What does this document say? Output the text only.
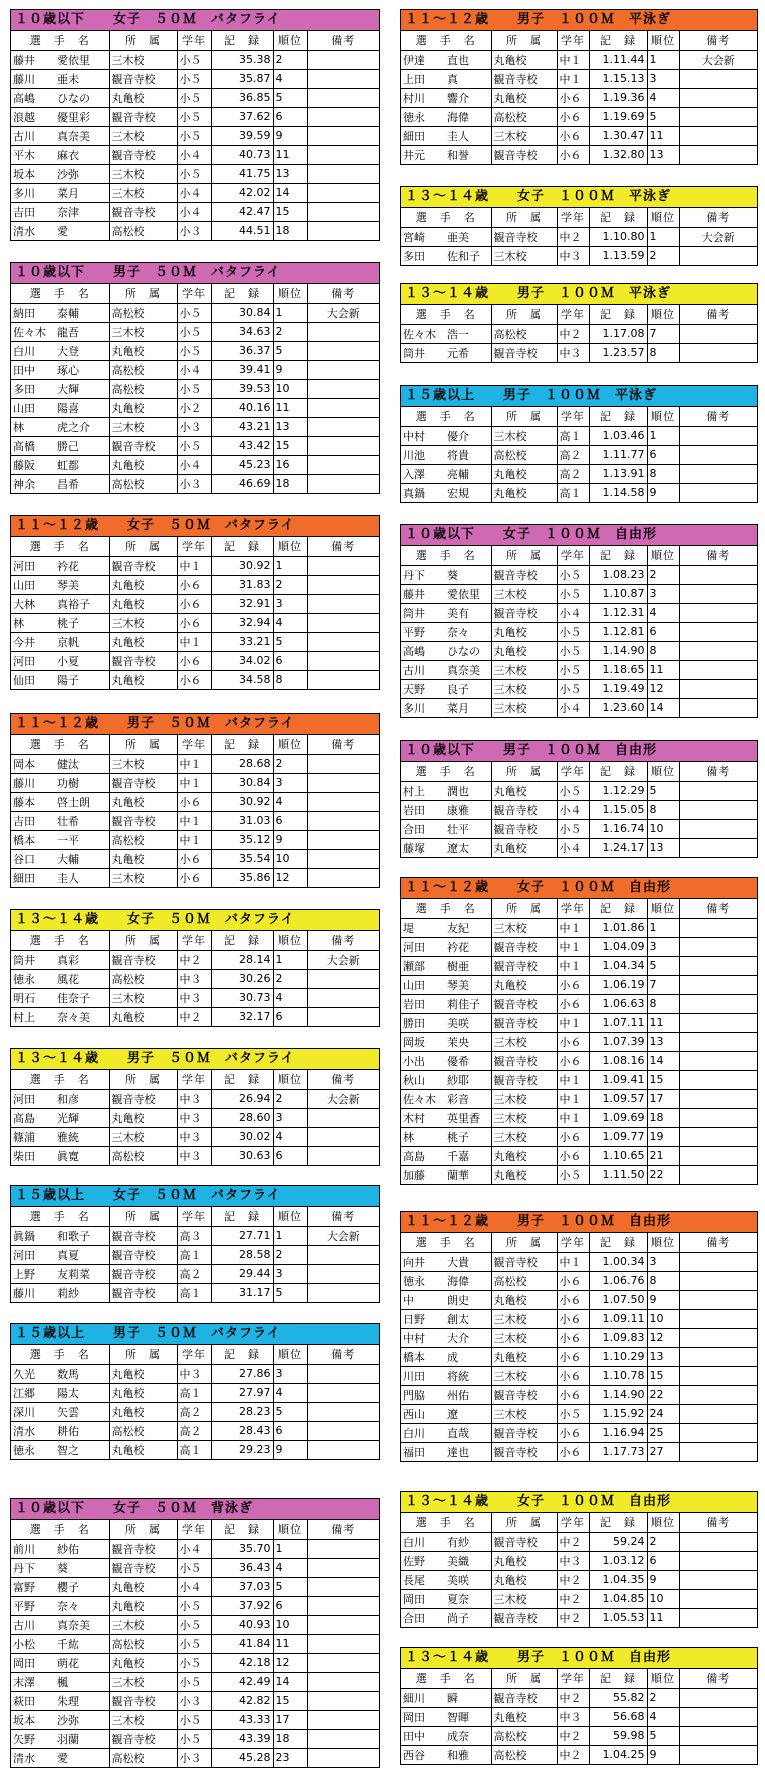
１０歳以下　　女子　５０Ｍ　バタフライ
選　手　名	所　属	学年	記　録	順位	備考
藤井　　愛依里	三木校	小５	35.38	2	
藤川　　亜未	観音寺校	小５	35.87	4	
高嶋　　ひなの	丸亀校	小５	36.85	5	
浪越　　優里彩	観音寺校	小５	37.62	6	
古川　　真奈美	三木校	小５	39.59	9	
平木　　麻衣	観音寺校	小４	40.73	11	
坂本　　沙弥	三木校	小５	41.75	13	
多川　　菜月	三木校	小４	42.02	14	
吉田　　奈津	観音寺校	小４	42.47	15	
清水　　愛	高松校	小３	44.51	18	
１０歳以下　　男子　５０Ｍ　バタフライ
選　手　名	所　属	学年	記　録	順位	備考
納田　　泰輔	高松校	小５	30.84	1	大会新
佐々木　龍吾	三木校	小５	34.63	2	
白川　　大登	丸亀校	小５	36.37	5	
田中　　琢心	高松校	小４	39.41	9	
多田　　大輝	高松校	小５	39.53	10	
山田　　陽喜	丸亀校	小２	40.16	11	
林　　　虎之介	三木校	小３	43.21	13	
高橋　　勝己	観音寺校	小５	43.42	15	
藤阪　　虹都	丸亀校	小４	45.23	16	
神余　　昌希	高松校	小３	46.69	18	
１１～１２歳　　女子　５０Ｍ　バタフライ
選　手　名	所　属	学年	記　録	順位	備考
河田　　衿花	観音寺校	中１	30.92	1	
山田　　琴美	丸亀校	小６	31.83	2	
大林　　真裕子	丸亀校	小６	32.91	3	
林　　　桃子	三木校	小６	32.94	4	
今井　　京帆	丸亀校	中１	33.21	5	
河田　　小夏	観音寺校	小６	34.02	6	
仙田　　陽子	丸亀校	小６	34.58	8	
１１～１２歳　　男子　５０Ｍ　バタフライ
選　手　名	所　属	学年	記　録	順位	備考
岡本　　健汰	三木校	中１	28.68	2	
藤川　　功樹	観音寺校	中１	30.84	3	
藤本　　啓士朗	丸亀校	小６	30.92	4	
吉田　　壮希	観音寺校	中１	31.03	6	
橋本　　一平	高松校	中１	35.12	9	
谷口　　大輔	丸亀校	小６	35.54	10	
細田　　圭人	三木校	小６	35.86	12	
１３～１４歳　　女子　５０Ｍ　バタフライ
選　手　名	所　属	学年	記　録	順位	備考
筒井　　真彩	観音寺校	中２	28.14	1	大会新
徳永　　風花	高松校	中３	30.26	2	
明石　　佳奈子	三木校	中３	30.73	4	
村上　　奈々美	丸亀校	中２	32.17	6	
１３～１４歳　　男子　５０Ｍ　バタフライ
選　手　名	所　属	学年	記　録	順位	備考
河田　　和彦	観音寺校	中３	26.94	2	大会新
高島　　光輝	丸亀校	中３	28.60	3	
篠浦　　雅統	三木校	中３	30.02	4	
柴田　　眞寛	高松校	中３	30.63	6	
１５歳以上　　女子　５０Ｍ　バタフライ
選　手　名	所　属	学年	記　録	順位	備考
眞鍋　　和歌子	観音寺校	高３	27.71	1	大会新
河田　　真夏	観音寺校	高１	28.58	2	
上野　　友莉菜	観音寺校	高２	29.44	3	
藤川　　莉紗	観音寺校	高１	31.17	5	
１５歳以上　　男子　５０Ｍ　バタフライ
選　手　名	所　属	学年	記　録	順位	備考
久光　　数馬	丸亀校	中３	27.86	3	
江郷　　陽太	丸亀校	高１	27.97	4	
深川　　矢雲	丸亀校	高２	28.23	5	
清水　　耕佑	高松校	高２	28.43	6	
徳永　　智之	丸亀校	高１	29.23	9	
１０歳以下　　女子　５０Ｍ　背泳ぎ
選　手　名	所　属	学年	記　録	順位	備考
前川　　紗佑	観音寺校	小４	35.70	1	
丹下　　葵	観音寺校	小５	36.43	4	
富野　　櫻子	丸亀校	小４	37.03	5	
平野　　奈々	丸亀校	小５	37.92	6	
古川　　真奈美	三木校	小５	40.93	10	
小松　　千紘	高松校	小５	41.84	11	
岡田　　萌花	丸亀校	小５	42.18	12	
末澤　　楓	三木校	小５	42.49	14	
萩田　　朱理	観音寺校	小３	42.82	15	
坂本　　沙弥	三木校	小５	43.33	17	
矢野　　羽蘭	観音寺校	小５	43.39	18	
清水　　愛	高松校	小３	45.28	23	
１１～１２歳　　男子　１００Ｍ　平泳ぎ
選　手　名	所　属	学年	記　録	順位	備考
伊達　　直也	丸亀校	中１	1.11.44	1	大会新
上田　　真	観音寺校	中１	1.15.13	3	
村川　　響介	丸亀校	小６	1.19.36	4	
徳永　　海偉	高松校	小６	1.19.69	5	
細田　　圭人	三木校	小６	1.30.47	11	
井元　　和誉	観音寺校	小６	1.32.80	13	
１３～１４歳　　女子　１００Ｍ　平泳ぎ
選　手　名	所　属	学年	記　録	順位	備考
宮崎　　亜美	観音寺校	中２	1.10.80	1	大会新
多田　　佐和子	三木校	中３	1.13.59	2	
１３～１４歳　　男子　１００Ｍ　平泳ぎ
選　手　名	所　属	学年	記　録	順位	備考
佐々木　浩一	高松校	中２	1.17.08	7	
筒井　　元希	観音寺校	中３	1.23.57	8	
１５歳以上　　男子　１００Ｍ　平泳ぎ
選　手　名	所　属	学年	記　録	順位	備考
中村　　優介	三木校	高１	1.03.46	1	
川池　　将貴	高松校	高２	1.11.77	6	
入澤　　亮輔	丸亀校	高２	1.13.91	8	
真鍋　　宏規	丸亀校	高１	1.14.58	9	
１０歳以下　　女子　１００Ｍ　自由形
選　手　名	所　属	学年	記　録	順位	備考
丹下　　葵	観音寺校	小５	1.08.23	2	
藤井　　愛依里	三木校	小５	1.10.87	3	
筒井　　美有	観音寺校	小４	1.12.31	4	
平野　　奈々	丸亀校	小５	1.12.81	6	
高嶋　　ひなの	丸亀校	小５	1.14.90	8	
古川　　真奈美	三木校	小５	1.18.65	11	
天野　　良子	三木校	小５	1.19.49	12	
多川　　菜月	三木校	小４	1.23.60	14	
１０歳以下　　男子　１００Ｍ　自由形
選　手　名	所　属	学年	記　録	順位	備考
村上　　潤也	丸亀校	小５	1.12.29	5	
岩田　　康雅	観音寺校	小４	1.15.05	8	
合田　　壮平	観音寺校	小５	1.16.74	10	
藤塚　　遼太	丸亀校	小４	1.24.17	13	
１１～１２歳　　女子　１００Ｍ　自由形
選　手　名	所　属	学年	記　録	順位	備考
堤　　　友紀	三木校	中１	1.01.86	1	
河田　　衿花	観音寺校	中１	1.04.09	3	
瀬部　　樹亜	観音寺校	中１	1.04.34	5	
山田　　琴美	丸亀校	小６	1.06.19	7	
岩田　　莉佳子	観音寺校	小６	1.06.63	8	
勝田　　美咲	観音寺校	中１	1.07.11	11	
岡坂　　茉央	三木校	小６	1.07.39	13	
小出　　優希	観音寺校	小６	1.08.16	14	
秋山　　紗耶	観音寺校	中１	1.09.41	15	
佐々木　彩音	三木校	中１	1.09.57	17	
木村　　英里香	三木校	中１	1.09.69	18	
林　　　桃子	三木校	小６	1.09.77	19	
高島　　千嘉	丸亀校	小６	1.10.65	21	
加藤　　蘭華	丸亀校	小５	1.11.50	22	
１１～１２歳　　男子　１００Ｍ　自由形
選　手　名	所　属	学年	記　録	順位	備考
向井　　大貴	観音寺校	中１	1.00.34	3	
徳永　　海偉	高松校	小６	1.06.76	8	
中　　　朗史	丸亀校	小６	1.07.50	9	
日野　　創太	三木校	小６	1.09.11	10	
中村　　大介	三木校	小６	1.09.83	12	
橋本　　成	丸亀校	小６	1.10.29	13	
川田　　将統	三木校	小６	1.10.78	15	
門脇　　州佑	観音寺校	小６	1.14.90	22	
西山　　遼	三木校	小５	1.15.92	24	
白川　　直哉	観音寺校	小６	1.16.94	25	
福田　　達也	観音寺校	小６	1.17.73	27	
１３～１４歳　　女子　１００Ｍ　自由形
選　手　名	所　属	学年	記　録	順位	備考
白川　　有紗	観音寺校	中２	59.24	2	
佐野　　美織	丸亀校	中３	1.03.12	6	
長尾　　美咲	丸亀校	中２	1.04.35	9	
岡田　　夏奈	三木校	中２	1.04.85	10	
合田　　尚子	観音寺校	中２	1.05.53	11	
１３～１４歳　　男子　１００Ｍ　自由形
選　手　名	所　属	学年	記　録	順位	備考
細川　　瞬	観音寺校	中２	55.82	2	
岡田　　智暉	丸亀校	中３	56.68	4	
田中　　成奈	高松校	中２	59.98	5	
西谷　　和雅	高松校	中２	1.04.25	9	
